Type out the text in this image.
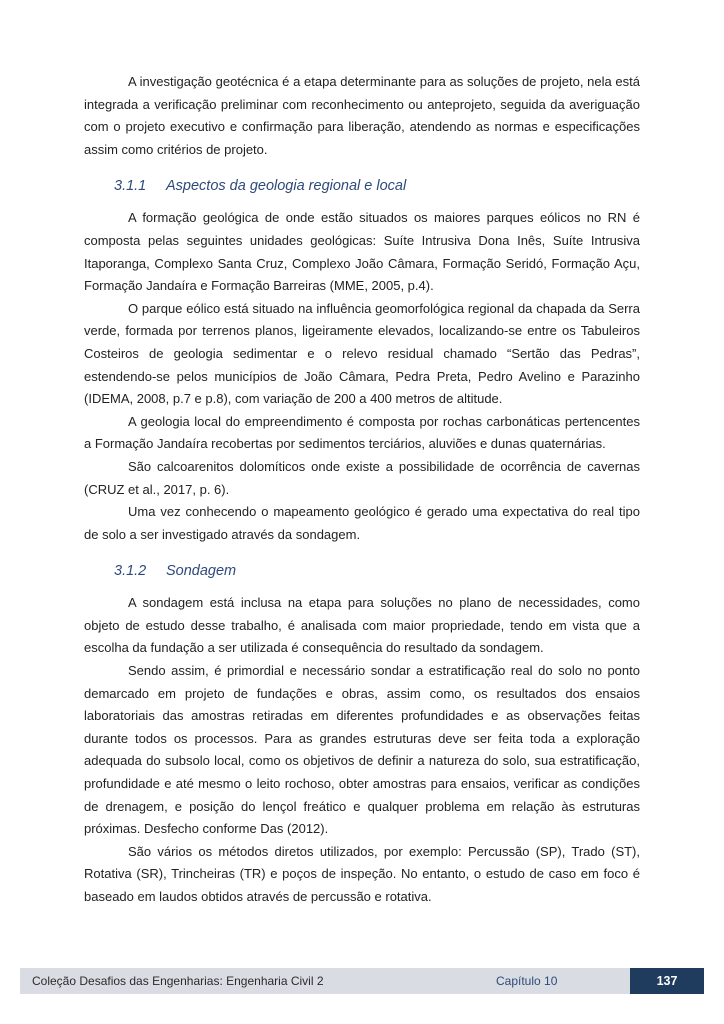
A investigação geotécnica é a etapa determinante para as soluções de projeto, nela está integrada a verificação preliminar com reconhecimento ou anteprojeto, seguida da averiguação com o projeto executivo e confirmação para liberação, atendendo as normas e especificações assim como critérios de projeto.

3.1.1 Aspectos da geologia regional e local

A formação geológica de onde estão situados os maiores parques eólicos no RN é composta pelas seguintes unidades geológicas: Suíte Intrusiva Dona Inês, Suíte Intrusiva Itaporanga, Complexo Santa Cruz, Complexo João Câmara, Formação Seridó, Formação Açu, Formação Jandaíra e Formação Barreiras (MME, 2005, p.4).

O parque eólico está situado na influência geomorfológica regional da chapada da Serra verde, formada por terrenos planos, ligeiramente elevados, localizando-se entre os Tabuleiros Costeiros de geologia sedimentar e o relevo residual chamado “Sertão das Pedras”, estendendo-se pelos municípios de João Câmara, Pedra Preta, Pedro Avelino e Parazinho (IDEMA, 2008, p.7 e p.8), com variação de 200 a 400 metros de altitude.

A geologia local do empreendimento é composta por rochas carbonáticas pertencentes a Formação Jandaíra recobertas por sedimentos terciários, aluviões e dunas quaternárias.

São calcoarenitos dolomíticos onde existe a possibilidade de ocorrência de cavernas (CRUZ et al., 2017, p. 6).

Uma vez conhecendo o mapeamento geológico é gerado uma expectativa do real tipo de solo a ser investigado através da sondagem.

3.1.2 Sondagem

A sondagem está inclusa na etapa para soluções no plano de necessidades, como objeto de estudo desse trabalho, é analisada com maior propriedade, tendo em vista que a escolha da fundação a ser utilizada é consequência do resultado da sondagem.

Sendo assim, é primordial e necessário sondar a estratificação real do solo no ponto demarcado em projeto de fundações e obras, assim como, os resultados dos ensaios laboratoriais das amostras retiradas em diferentes profundidades e as observações feitas durante todos os processos. Para as grandes estruturas deve ser feita toda a exploração adequada do subsolo local, como os objetivos de definir a natureza do solo, sua estratificação, profundidade e até mesmo o leito rochoso, obter amostras para ensaios, verificar as condições de drenagem, e posição do lençol freático e qualquer problema em relação às estruturas próximas. Desfecho conforme Das (2012).

São vários os métodos diretos utilizados, por exemplo: Percussão (SP), Trado (ST), Rotativa (SR), Trincheiras (TR) e poços de inspeção. No entanto, o estudo de caso em foco é baseado em laudos obtidos através de percussão e rotativa.

Coleção Desafios das Engenharias: Engenharia Civil 2	Capítulo 10	137
